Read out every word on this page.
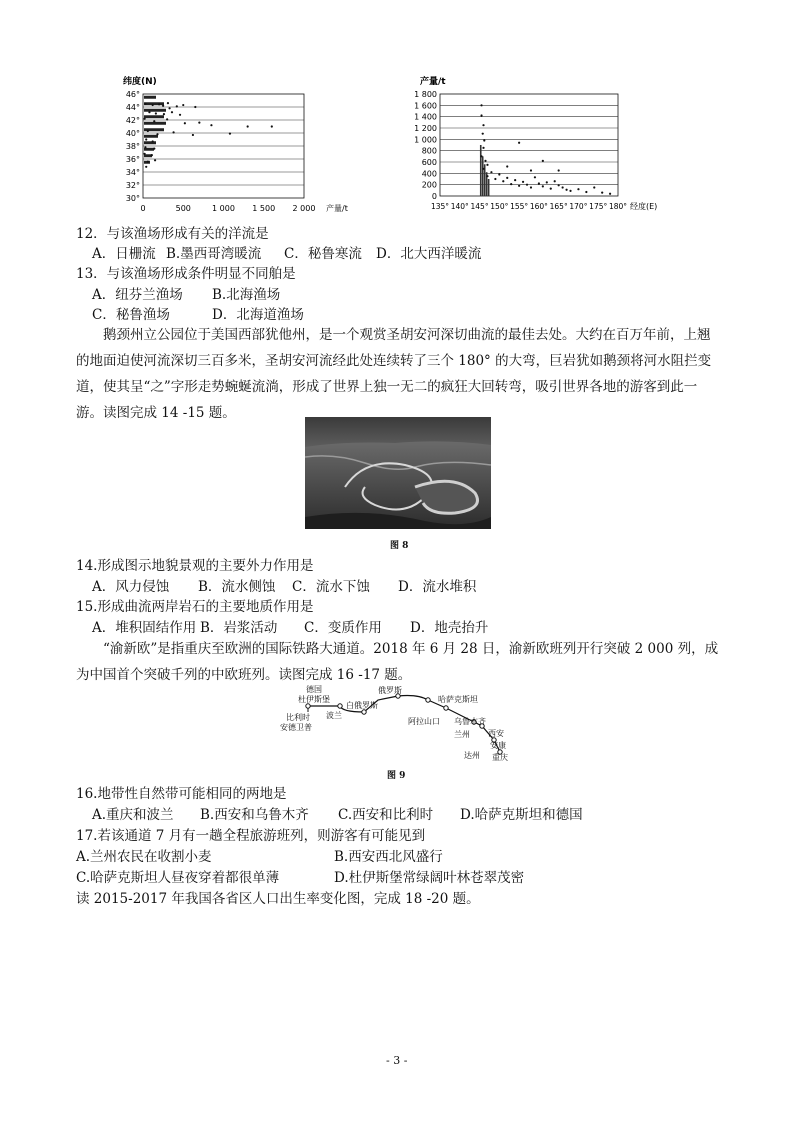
纬度(N)
46°
44°
42°
40°
38°
36°
34°
32°
30°
0	500	1 000 1 500 2 000 产量/t
产量/t
1 800
1 600
1 400
1 200
1 000
800
600
400
200
0
135° 140° 145° 150° 155° 160° 165° 170° 175° 180° 经度(E)
12．与该渔场形成有关的洋流是
A．日栅流 B.墨西哥湾暖流 C．秘鲁寒流 D．北大西洋暖流
13．与该渔场形成条件明显不同舶是
A．纽芬兰渔场 B.北海渔场
C．秘鲁渔场	D．北海道渔场
鹅颈州立公园位于美国西部犹他州，是一个观赏圣胡安河深切曲流的最佳去处。大约在百万年前，上翘的地面迫使河流深切三百多米，圣胡安河流经此处连续转了三个 180° 的大弯，巨岩犹如鹅颈将河水阻拦变道，使其呈“之”字形走势蜿蜒流淌，形成了世界上独一无二的疯狂大回转弯，吸引世界各地的游客到此一游。读图完成 14 -15 题。
图 8
14.形成图示地貌景观的主要外力作用是
A．风力侵蚀 B．流水侧蚀 C．流水下蚀 D．流水堆积
15.形成曲流两岸岩石的主要地质作用是
A．堆积固结作用 B．岩浆活动 C．变质作用 D．地壳抬升
“渝新欧”是指重庆至欧洲的国际铁路大通道。2018 年 6 月 28 日，渝新欧班列开行突破 2 000 列，成为中国首个突破千列的中欧班列。读图完成 16 -17 题。
德国
杜伊斯堡
比利时
安德卫普
波兰
白俄罗斯
俄罗斯
哈萨克斯坦
阿拉山口 乌鲁木齐
兰州 西安
安康
达州 重庆
图 9
16.地带性自然带可能相同的两地是
A.重庆和波兰 B.西安和乌鲁木齐 C.西安和比利时 D.哈萨克斯坦和德国
17.若该通道 7 月有一趟全程旅游班列，则游客有可能见到
A.兰州农民在收割小麦	B.西安西北风盛行
C.哈萨克斯坦人昼夜穿着都很单薄	D.杜伊斯堡常绿阔叶林苍翠茂密
读 2015-2017 年我国各省区人口出生率变化图，完成 18 -20 题。
- 3 -
